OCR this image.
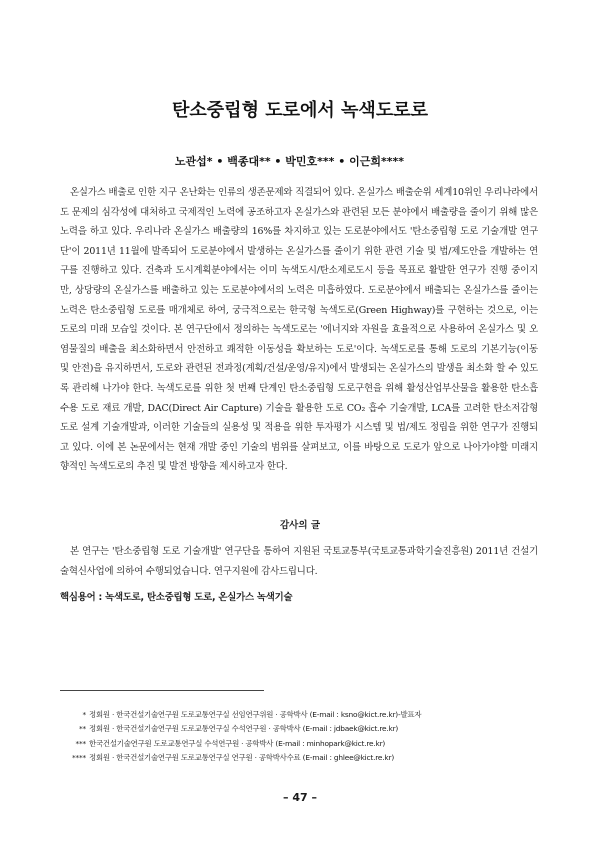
탄소중립형 도로에서 녹색도로로
노관섭* • 백종대** • 박민호*** • 이근희****

온실가스 배출로 인한 지구 온난화는 인류의 생존문제와 직결되어 있다. 온실가스 배출순위 세계10위인 우리나라에서도 문제의 심각성에 대처하고 국제적인 노력에 공조하고자 온실가스와 관련된 모든 분야에서 배출량을 줄이기 위해 많은 노력을 하고 있다. 우리나라 온실가스 배출량의 16%를 차지하고 있는 도로분야에서도 '탄소중립형 도로 기술개발 연구단'이 2011년 11월에 발족되어 도로분야에서 발생하는 온실가스를 줄이기 위한 관련 기술 및 법/제도안을 개발하는 연구를 진행하고 있다. 건축과 도시계획분야에서는 이미 녹색도시/탄소제로도시 등을 목표로 활발한 연구가 진행 중이지만, 상당량의 온실가스를 배출하고 있는 도로분야에서의 노력은 미흡하였다. 도로분야에서 배출되는 온실가스를 줄이는 노력은 탄소중립형 도로를 매개체로 하여, 궁극적으로는 한국형 녹색도로(Green Highway)를 구현하는 것으로, 이는 도로의 미래 모습일 것이다. 본 연구단에서 정의하는 녹색도로는 '에너지와 자원을 효율적으로 사용하여 온실가스 및 오염물질의 배출을 최소화하면서 안전하고 쾌적한 이동성을 확보하는 도로'이다. 녹색도로를 통해 도로의 기본기능(이동 및 안전)을 유지하면서, 도로와 관련된 전과정(계획/건설/운영/유지)에서 발생되는 온실가스의 발생을 최소화 할 수 있도록 관리해 나가야 한다. 녹색도로를 위한 첫 번째 단계인 탄소중립형 도로구현을 위해 활성산업부산물을 활용한 탄소흡수용 도로 재료 개발, DAC(Direct Air Capture) 기술을 활용한 도로 CO₂ 흡수 기술개발, LCA를 고려한 탄소저감형 도로 설계 기술개발과, 이러한 기술들의 실용성 및 적용을 위한 투자평가 시스템 및 법/제도 정립을 위한 연구가 진행되고 있다. 이에 본 논문에서는 현재 개발 중인 기술의 범위를 살펴보고, 이를 바탕으로 도로가 앞으로 나아가야할 미래지향적인 녹색도로의 추진 및 발전 방향을 제시하고자 한다.

감사의 글

본 연구는 '탄소중립형 도로 기술개발' 연구단을 통하여 지원된 국토교통부(국토교통과학기술진흥원) 2011년 건설기술혁신사업에 의하여 수행되었습니다. 연구지원에 감사드립니다.

핵심용어 : 녹색도로, 탄소중립형 도로, 온실가스 녹색기술
* 정회원 · 한국건설기술연구원 도로교통연구실 선임연구위원 · 공학박사 (E-mail : ksno@kict.re.kr)-발표자
** 정회원 · 한국건설기술연구원 도로교통연구실 수석연구원 · 공학박사 (E-mail : jdbaek@kict.re.kr)
*** 한국건설기술연구원 도로교통연구실 수석연구원 · 공학박사 (E-mail : minhopark@kict.re.kr)
**** 정회원 · 한국건설기술연구원 도로교통연구실 연구원 · 공학박사수료 (E-mail : ghlee@kict.re.kr)
– 47 –
